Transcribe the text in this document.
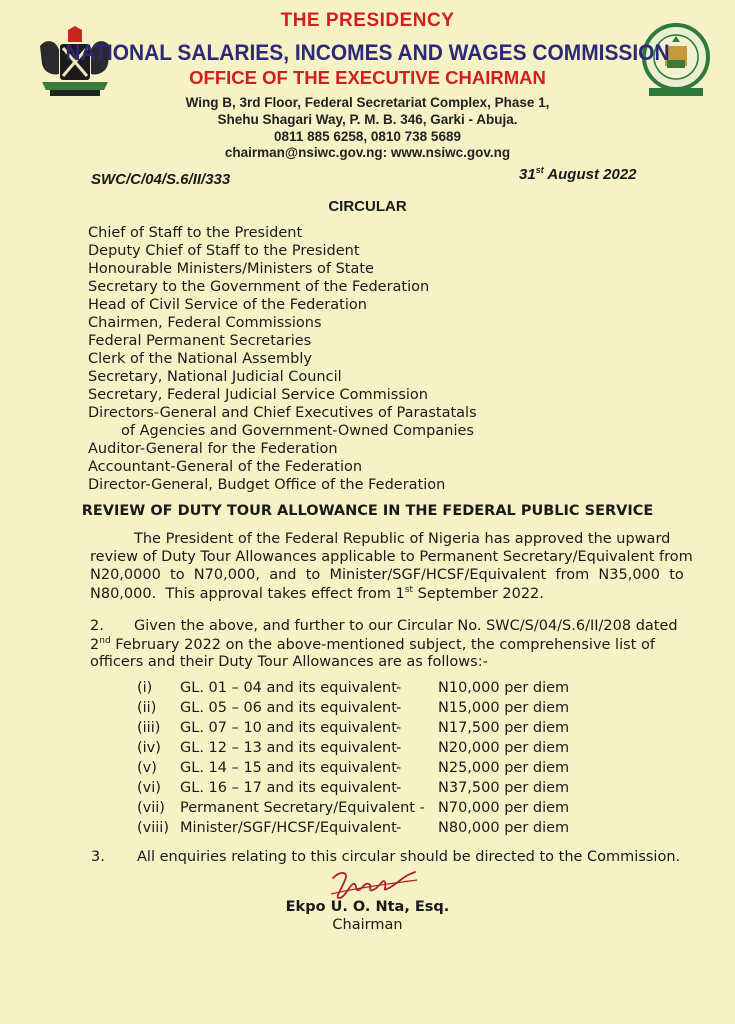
THE PRESIDENCY
NATIONAL SALARIES, INCOMES AND WAGES COMMISSION
OFFICE OF THE EXECUTIVE CHAIRMAN
Wing B, 3rd Floor, Federal Secretariat Complex, Phase 1,
Shehu Shagari Way, P. M. B. 346, Garki - Abuja.
0811 885 6258, 0810 738 5689
chairman@nsiwc.gov.ng: www.nsiwc.gov.ng
SWC/C/04/S.6/II/333	31st August 2022
CIRCULAR
Chief of Staff to the President
Deputy Chief of Staff to the President
Honourable Ministers/Ministers of State
Secretary to the Government of the Federation
Head of Civil Service of the Federation
Chairmen, Federal Commissions
Federal Permanent Secretaries
Clerk of the National Assembly
Secretary, National Judicial Council
Secretary, Federal Judicial Service Commission
Directors-General and Chief Executives of Parastatals
of Agencies and Government-Owned Companies
Auditor-General for the Federation
Accountant-General of the Federation
Director-General, Budget Office of the Federation
REVIEW OF DUTY TOUR ALLOWANCE IN THE FEDERAL PUBLIC SERVICE
The President of the Federal Republic of Nigeria has approved the upward
review of Duty Tour Allowances applicable to Permanent Secretary/Equivalent from
N20,0000  to  N70,000,  and  to  Minister/SGF/HCSF/Equivalent  from  N35,000  to
N80,000.  This approval takes effect from 1st September 2022.
2. Given the above, and further to our Circular No. SWC/S/04/S.6/II/208 dated
2nd February 2022 on the above-mentioned subject, the comprehensive list of
officers and their Duty Tour Allowances are as follows:-
(i) GL. 01 – 04 and its equivalent -	N10,000 per diem
(ii) GL. 05 – 06 and its equivalent -	N15,000 per diem
(iii) GL. 07 – 10 and its equivalent -	N17,500 per diem
(iv) GL. 12 – 13 and its equivalent -	N20,000 per diem
(v) GL. 14 – 15 and its equivalent -	N25,000 per diem
(vi) GL. 16 – 17 and its equivalent -	N37,500 per diem
(vii) Permanent Secretary/Equivalent - N70,000 per diem
(viii) Minister/SGF/HCSF/Equivalent -	N80,000 per diem
3. All enquiries relating to this circular should be directed to the Commission.
Ekpo U. O. Nta, Esq.
Chairman
